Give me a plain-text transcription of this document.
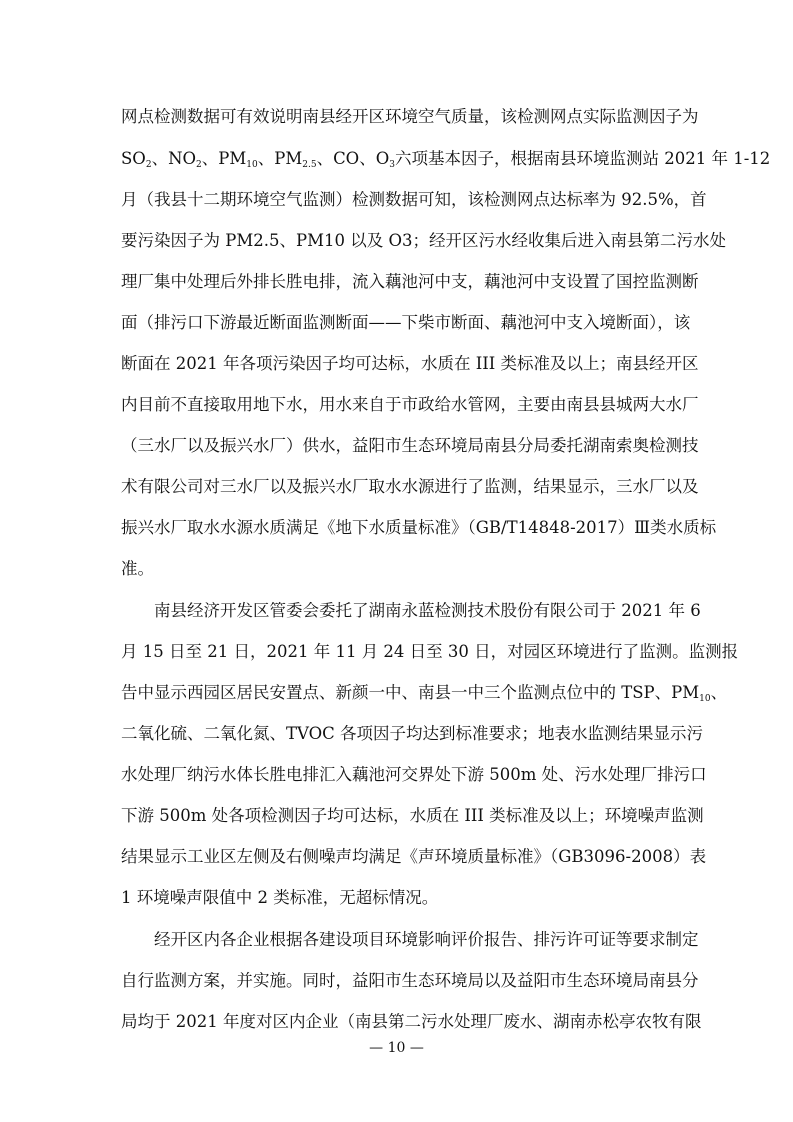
网点检测数据可有效说明南县经开区环境空气质量，该检测网点实际监测因子为
$SO_2$、$NO_2$、$PM_{10}$、$PM_{2.5}$、CO、$O_3$六项基本因子，根据南县环境监测站 2021 年 1-12
月（我县十二期环境空气监测）检测数据可知，该检测网点达标率为 92.5%，首
要污染因子为 PM2.5、PM10 以及 O3；经开区污水经收集后进入南县第二污水处
理厂集中处理后外排长胜电排，流入藕池河中支，藕池河中支设置了国控监测断
面（排污口下游最近断面监测断面——下柴市断面、藕池河中支入境断面），该
断面在 2021 年各项污染因子均可达标，水质在 III 类标准及以上；南县经开区
内目前不直接取用地下水，用水来自于市政给水管网，主要由南县县城两大水厂
（三水厂以及振兴水厂）供水，益阳市生态环境局南县分局委托湖南索奥检测技
术有限公司对三水厂以及振兴水厂取水水源进行了监测，结果显示，三水厂以及
振兴水厂取水水源水质满足《地下水质量标准》（GB/T14848-2017）Ⅲ类水质标
准。
南县经济开发区管委会委托了湖南永蓝检测技术股份有限公司于 2021 年 6
月 15 日至 21 日，2021 年 11 月 24 日至 30 日，对园区环境进行了监测。监测报
告中显示西园区居民安置点、新颜一中、南县一中三个监测点位中的 TSP、$PM_{10}$、
二氧化硫、二氧化氮、TVOC 各项因子均达到标准要求；地表水监测结果显示污
水处理厂纳污水体长胜电排汇入藕池河交界处下游 500m 处、污水处理厂排污口
下游 500m 处各项检测因子均可达标，水质在 III 类标准及以上；环境噪声监测
结果显示工业区左侧及右侧噪声均满足《声环境质量标准》（GB3096-2008）表
1 环境噪声限值中 2 类标准，无超标情况。
经开区内各企业根据各建设项目环境影响评价报告、排污许可证等要求制定
自行监测方案，并实施。同时，益阳市生态环境局以及益阳市生态环境局南县分
局均于 2021 年度对区内企业（南县第二污水处理厂废水、湖南赤松亭农牧有限
— 10 —
